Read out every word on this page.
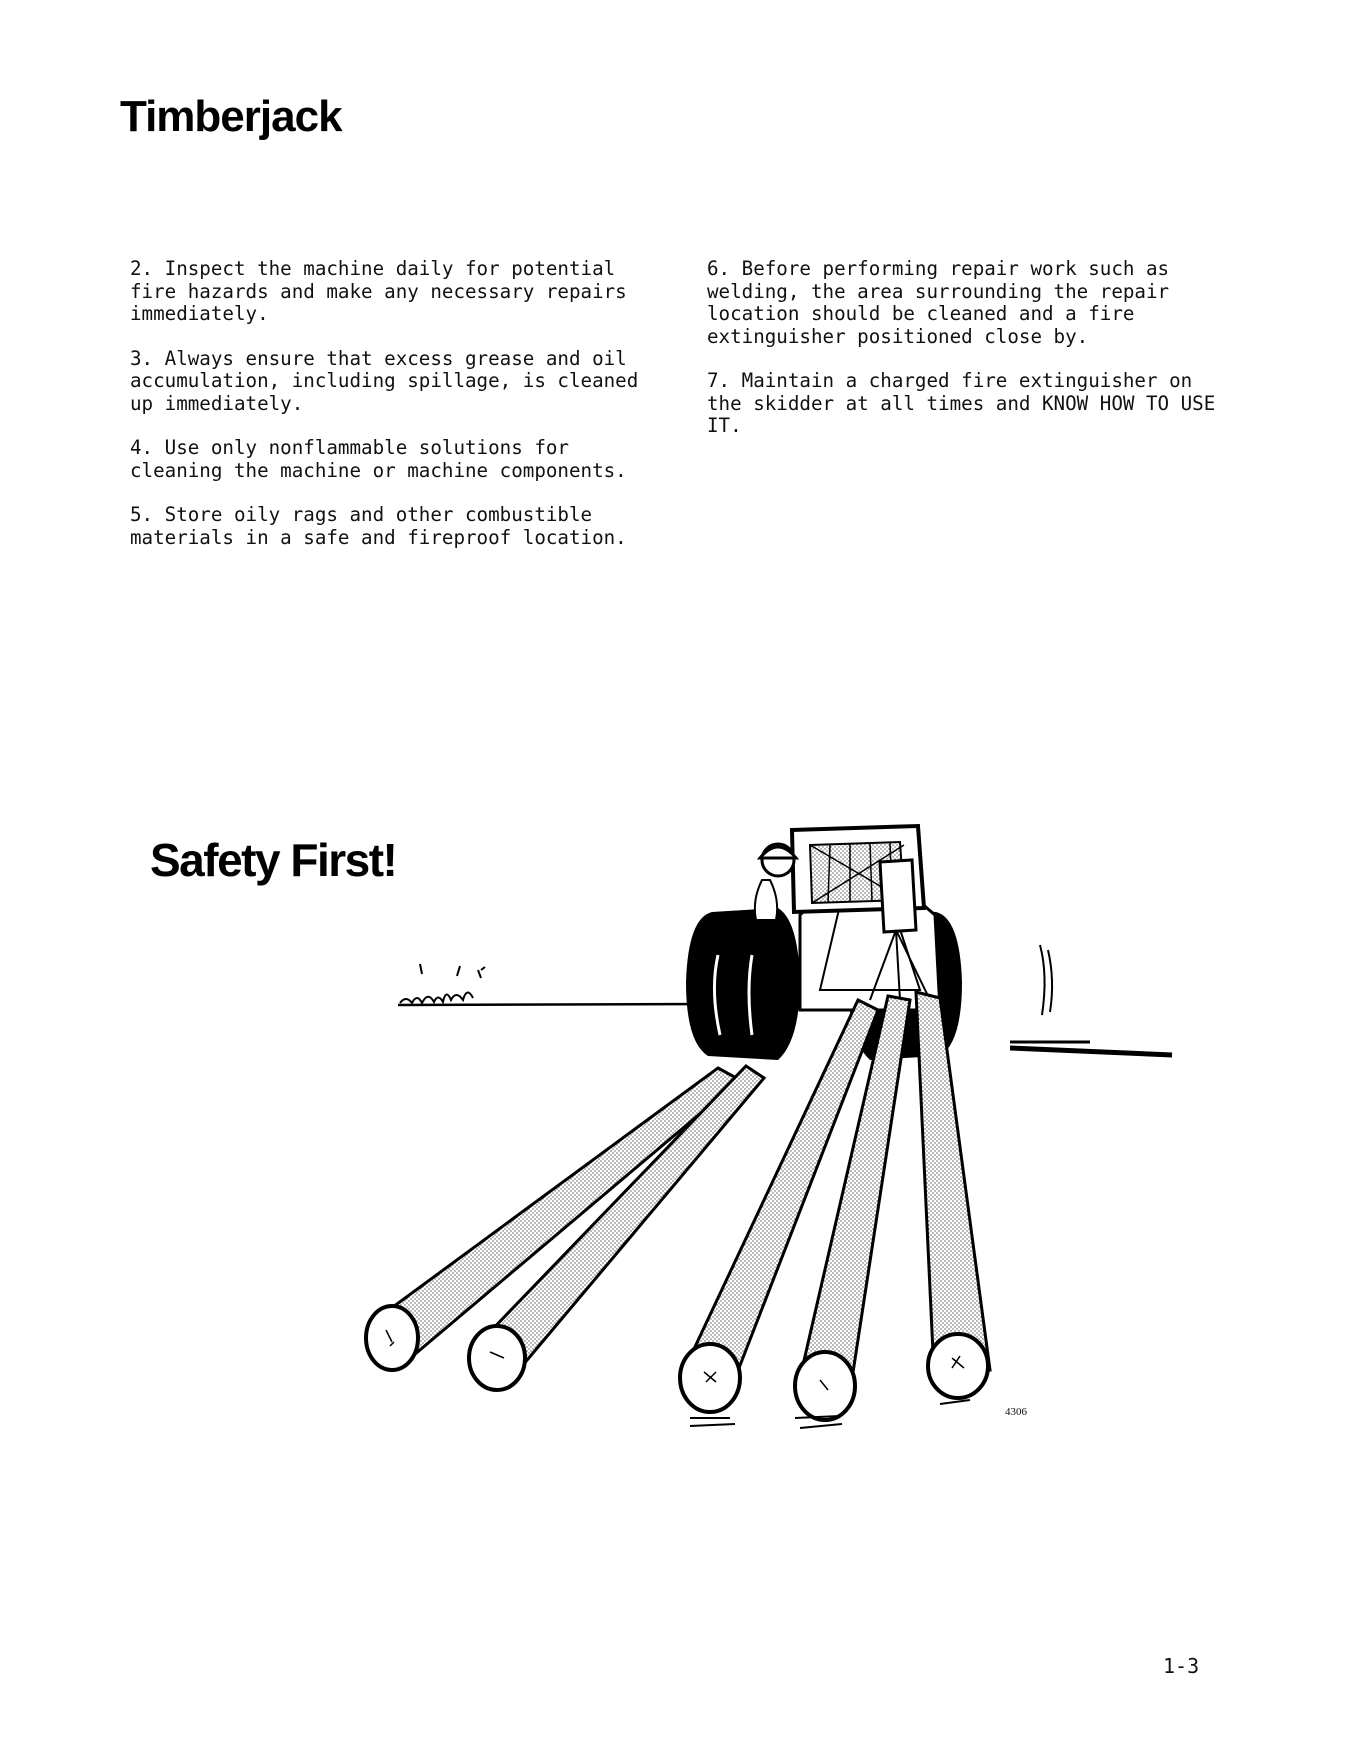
Timberjack

2. Inspect the machine daily for potential
fire hazards and make any necessary repairs
immediately.

3. Always ensure that excess grease and oil
accumulation, including spillage, is cleaned
up immediately.

4. Use only nonflammable solutions for
cleaning the machine or machine components.

5. Store oily rags and other combustible
materials in a safe and fireproof location.

6. Before performing repair work such as
welding, the area surrounding the repair
location should be cleaned and a fire
extinguisher positioned close by.

7. Maintain a charged fire extinguisher on
the skidder at all times and KNOW HOW TO USE
IT.

Safety First!
4306
1-3
